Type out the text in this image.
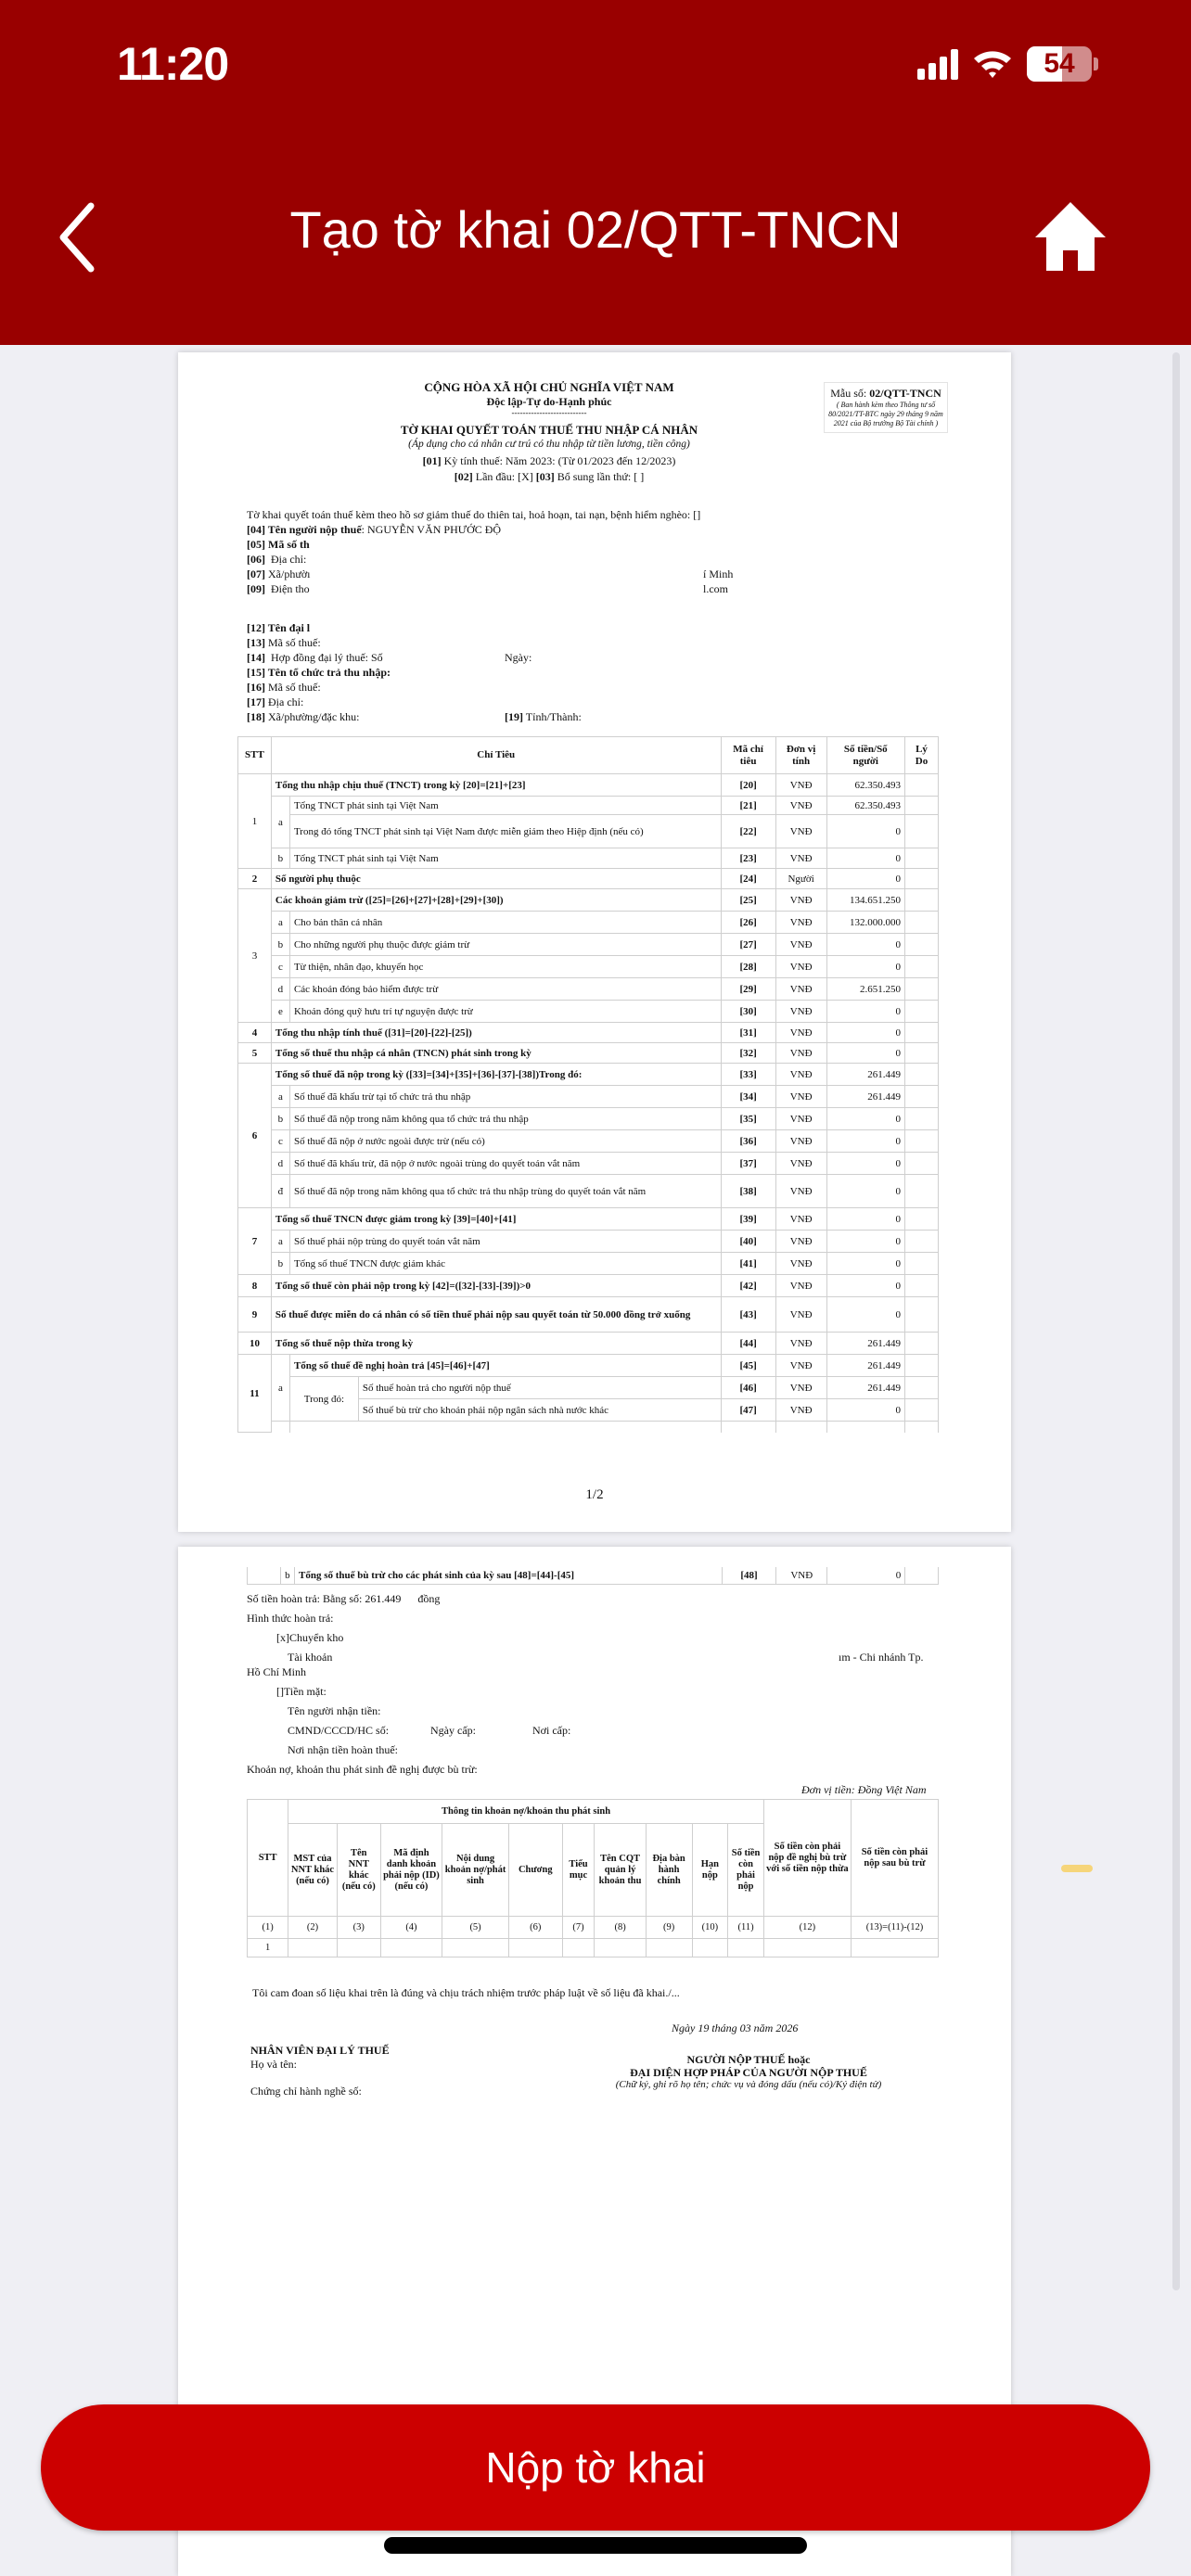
11:20	54
Tạo tờ khai 02/QTT-TNCN
CỘNG HÒA XÃ HỘI CHỦ NGHĨA VIỆT NAM
Độc lập-Tự do-Hạnh phúc
---------------------------
TỜ KHAI QUYẾT TOÁN THUẾ THU NHẬP CÁ NHÂN
(Áp dụng cho cá nhân cư trú có thu nhập từ tiền lương, tiền công)
[01] Kỳ tính thuế: Năm 2023: (Từ 01/2023 đến 12/2023)
[02] Lần đầu: [X] [03] Bổ sung lần thứ: [ ]
Mẫu số: 02/QTT-TNCN
( Ban hành kèm theo Thông tư số 80/2021/TT-BTC ngày 29 tháng 9 năm 2021 của Bộ trưởng Bộ Tài chính )
Tờ khai quyết toán thuế kèm theo hồ sơ giảm thuế do thiên tai, hoả hoạn, tai nạn, bệnh hiểm nghèo: []
[04] Tên người nộp thuế: NGUYỄN VĂN PHƯỚC ĐỘ
[05] Mã số th
[06] Địa chỉ:
[07] Xã/phườı	í Minh
[09] Điện tho	l.com
[12] Tên đại l
[13] Mã số thuế:
[14] Hợp đồng đại lý thuế: Số	Ngày:
[15] Tên tổ chức trả thu nhập:
[16] Mã số thuế:
[17] Địa chỉ:
[18] Xã/phường/đặc khu:	[19] Tỉnh/Thành:
STT	Chỉ Tiêu			Mã chỉ tiêu	Đơn vị tính	Số tiền/Số người	Lý Do
1	Tổng thu nhập chịu thuế (TNCT) trong kỳ [20]=[21]+[23]			[20]	VNĐ	62.350.493	
	a	Tổng TNCT phát sinh tại Việt Nam		[21]	VNĐ	62.350.493	
		Trong đó tổng TNCT phát sinh tại Việt Nam được miễn giảm theo Hiệp định (nếu có)		[22]	VNĐ	0	
	b	Tổng TNCT phát sinh tại Việt Nam		[23]	VNĐ	0	
2	Số người phụ thuộc			[24]	Người	0	
3	Các khoản giảm trừ ([25]=[26]+[27]+[28]+[29]+[30])			[25]	VNĐ	134.651.250	
	a	Cho bản thân cá nhân		[26]	VNĐ	132.000.000	
	b	Cho những người phụ thuộc được giảm trừ		[27]	VNĐ	0	
	c	Từ thiện, nhân đạo, khuyến học		[28]	VNĐ	0	
	d	Các khoản đóng bảo hiểm được trừ		[29]	VNĐ	2.651.250	
	e	Khoản đóng quỹ hưu trí tự nguyện được trừ		[30]	VNĐ	0	
4	Tổng thu nhập tính thuế ([31]=[20]-[22]-[25])			[31]	VNĐ	0	
5	Tổng số thuế thu nhập cá nhân (TNCN) phát sinh trong kỳ			[32]	VNĐ	0	
6	Tổng số thuế đã nộp trong kỳ ([33]=[34]+[35]+[36]-[37]-[38])Trong đó:			[33]	VNĐ	261.449	
	a	Số thuế đã khấu trừ tại tổ chức trả thu nhập		[34]	VNĐ	261.449	
	b	Số thuế đã nộp trong năm không qua tổ chức trả thu nhập		[35]	VNĐ	0	
	c	Số thuế đã nộp ở nước ngoài được trừ (nếu có)		[36]	VNĐ	0	
	d	Số thuế đã khấu trừ, đã nộp ở nước ngoài trùng do quyết toán vắt năm		[37]	VNĐ	0	
	đ	Số thuế đã nộp trong năm không qua tổ chức trả thu nhập trùng do quyết toán vắt năm		[38]	VNĐ	0	
7	Tổng số thuế TNCN được giảm trong kỳ [39]=[40]+[41]			[39]	VNĐ	0	
	a	Số thuế phải nộp trùng do quyết toán vắt năm		[40]	VNĐ	0	
	b	Tổng số thuế TNCN được giảm khác		[41]	VNĐ	0	
8	Tổng số thuế còn phải nộp trong kỳ [42]=([32]-[33]-[39])>0			[42]	VNĐ	0	
9	Số thuế được miễn do cá nhân có số tiền thuế phải nộp sau quyết toán từ 50.000 đồng trở xuống			[43]	VNĐ	0	
10	Tổng số thuế nộp thừa trong kỳ			[44]	VNĐ	261.449	
11	a	Tổng số thuế đề nghị hoàn trả [45]=[46]+[47]		[45]	VNĐ	261.449	
		Trong đó:	Số thuế hoàn trả cho người nộp thuế	[46]	VNĐ	261.449	
			Số thuế bù trừ cho khoản phải nộp ngân sách nhà nước khác	[47]	VNĐ	0	

1/2
	b	Tổng số thuế bù trừ cho các phát sinh của kỳ sau [48]=[44]-[45]	[48]	VNĐ	0	
Số tiền hoàn trả: Bằng số: 261.449 đồng
Hình thức hoàn trả:
[x]Chuyển kho
Tài khoản	ım - Chi nhánh Tp.
Hồ Chí Minh
[]Tiền mặt:
Tên người nhận tiền:
CMND/CCCD/HC số:	Ngày cấp:	Nơi cấp:
Nơi nhận tiền hoàn thuế:
Khoản nợ, khoản thu phát sinh đề nghị được bù trừ:
Đơn vị tiền: Đồng Việt Nam
STT	Thông tin khoản nợ/khoản thu phát sinh										Số tiền còn phải nộp đề nghị bù trừ với số tiền nộp thừa	Số tiền còn phải nộp sau bù trừ
	MST của NNT khác (nếu có)	Tên NNT khác (nếu có)	Mã định danh khoản phải nộp (ID) (nếu có)	Nội dung khoản nợ/phát sinh	Chương	Tiểu mục	Tên CQT quản lý khoản thu	Địa bàn hành chính	Hạn nộp	Số tiền còn phải nộp		
(1)	(2)	(3)	(4)	(5)	(6)	(7)	(8)	(9)	(10)	(11)	(12)	(13)=(11)-(12)
1												
Tôi cam đoan số liệu khai trên là đúng và chịu trách nhiệm trước pháp luật về số liệu đã khai./...
Ngày 19 tháng 03 năm 2026
NHÂN VIÊN ĐẠI LÝ THUẾ
Họ và tên:
Chứng chỉ hành nghề số:
NGƯỜI NỘP THUẾ hoặc
ĐẠI DIỆN HỢP PHÁP CỦA NGƯỜI NỘP THUẾ
(Chữ ký, ghi rõ họ tên; chức vụ và đóng dấu (nếu có)/Ký điện tử)
Nộp tờ khai
